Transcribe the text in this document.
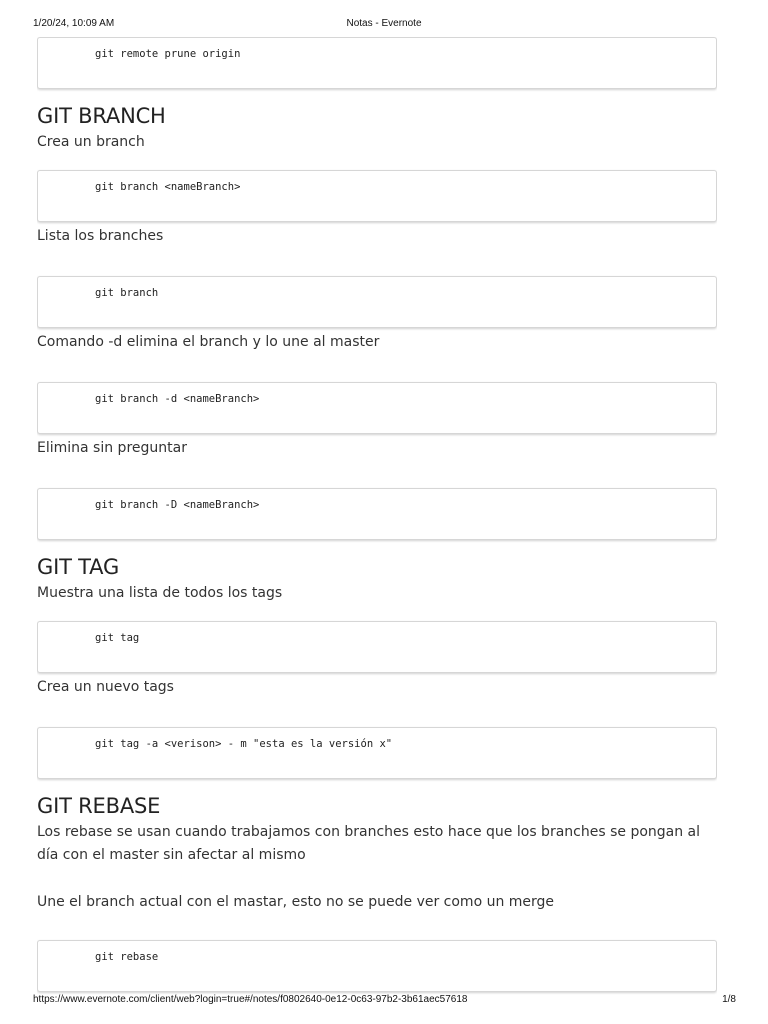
1/20/24, 10:09 AM	Notas - Evernote
git remote prune origin
GIT BRANCH

Crea un branch

git branch <nameBranch>

Lista los branches

git branch

Comando -d elimina el branch y lo une al master

git branch -d <nameBranch>

Elimina sin preguntar

git branch -D <nameBranch>
GIT TAG

Muestra una lista de todos los tags

git tag

Crea un nuevo tags

git tag -a <verison> - m "esta es la versión x"
GIT REBASE

Los rebase se usan cuando trabajamos con branches esto hace que los branches se pongan al día con el master sin afectar al mismo

Une el branch actual con el mastar, esto no se puede ver como un merge

git rebase
https://www.evernote.com/client/web?login=true#/notes/f0802640-0e12-0c63-97b2-3b61aec57618	1/8
